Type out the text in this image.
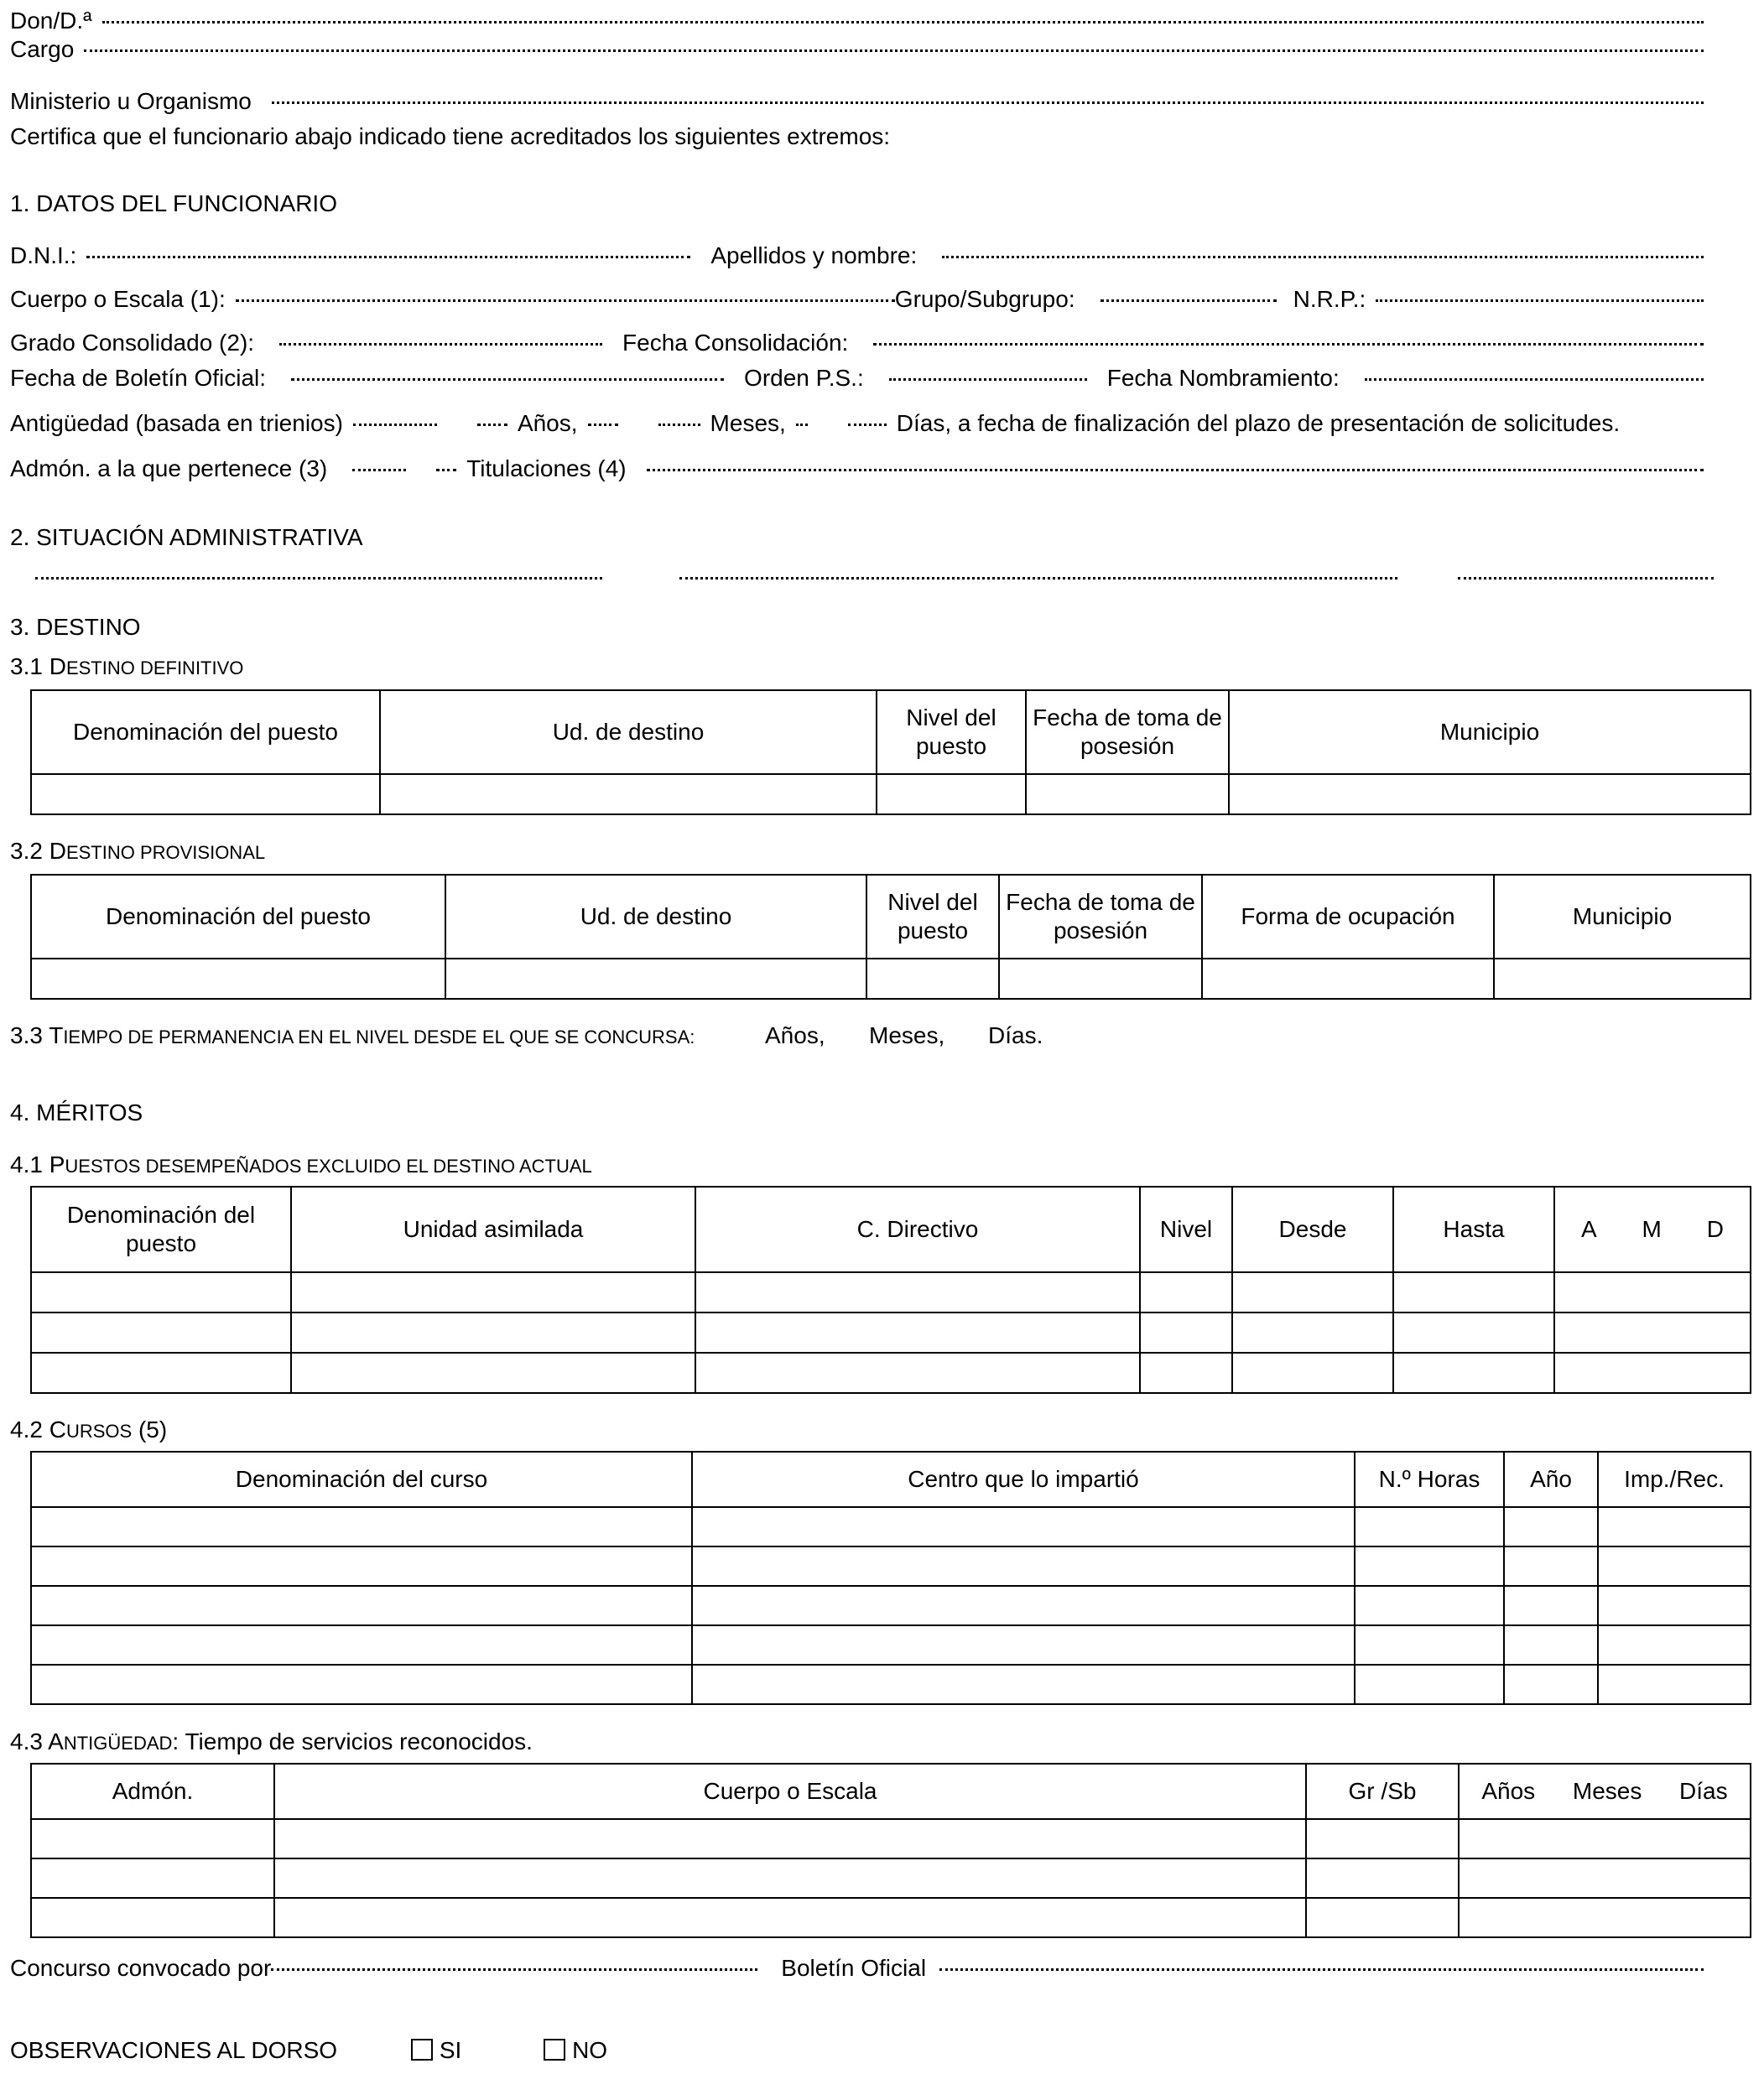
Don/D.ª
Cargo
Ministerio u Organismo
Certifica que el funcionario abajo indicado tiene acreditados los siguientes extremos:
1. DATOS DEL FUNCIONARIO
D.N.I.:	Apellidos y nombre:
Cuerpo o Escala (1):	Grupo/Subgrupo:	N.R.P.:
Grado Consolidado (2):	Fecha Consolidación:
Fecha de Boletín Oficial:	Orden P.S.:	Fecha Nombramiento:
Antigüedad (basada en trienios)	Años,	Meses,	Días, a fecha de finalización del plazo de presentación de solicitudes.
Admón. a la que pertenece (3)	Titulaciones (4)
2. SITUACIÓN ADMINISTRATIVA
3. DESTINO
3.1 DESTINO DEFINITIVO
Denominación del puesto	Ud. de destino	Nivel del puesto	Fecha de toma de posesión	Municipio

3.2 DESTINO PROVISIONAL
Denominación del puesto	Ud. de destino	Nivel del puesto	Fecha de toma de posesión	Forma de ocupación	Municipio

3.3 TIEMPO DE PERMANENCIA EN EL NIVEL DESDE EL QUE SE CONCURSA:	Años, Meses, Días.
4. MÉRITOS
4.1 PUESTOS DESEMPEÑADOS EXCLUIDO EL DESTINO ACTUAL
Denominación del puesto	Unidad asimilada	C. Directivo	Nivel	Desde	Hasta	A M D

4.2 CURSOS (5)
Denominación del curso	Centro que lo impartió	N.º Horas	Año	Imp./Rec.

4.3 ANTIGÜEDAD: Tiempo de servicios reconocidos.
Admón.	Cuerpo o Escala	Gr /Sb	Años Meses Días

Concurso convocado por	Boletín Oficial
OBSERVACIONES AL DORSO	SI	NO
